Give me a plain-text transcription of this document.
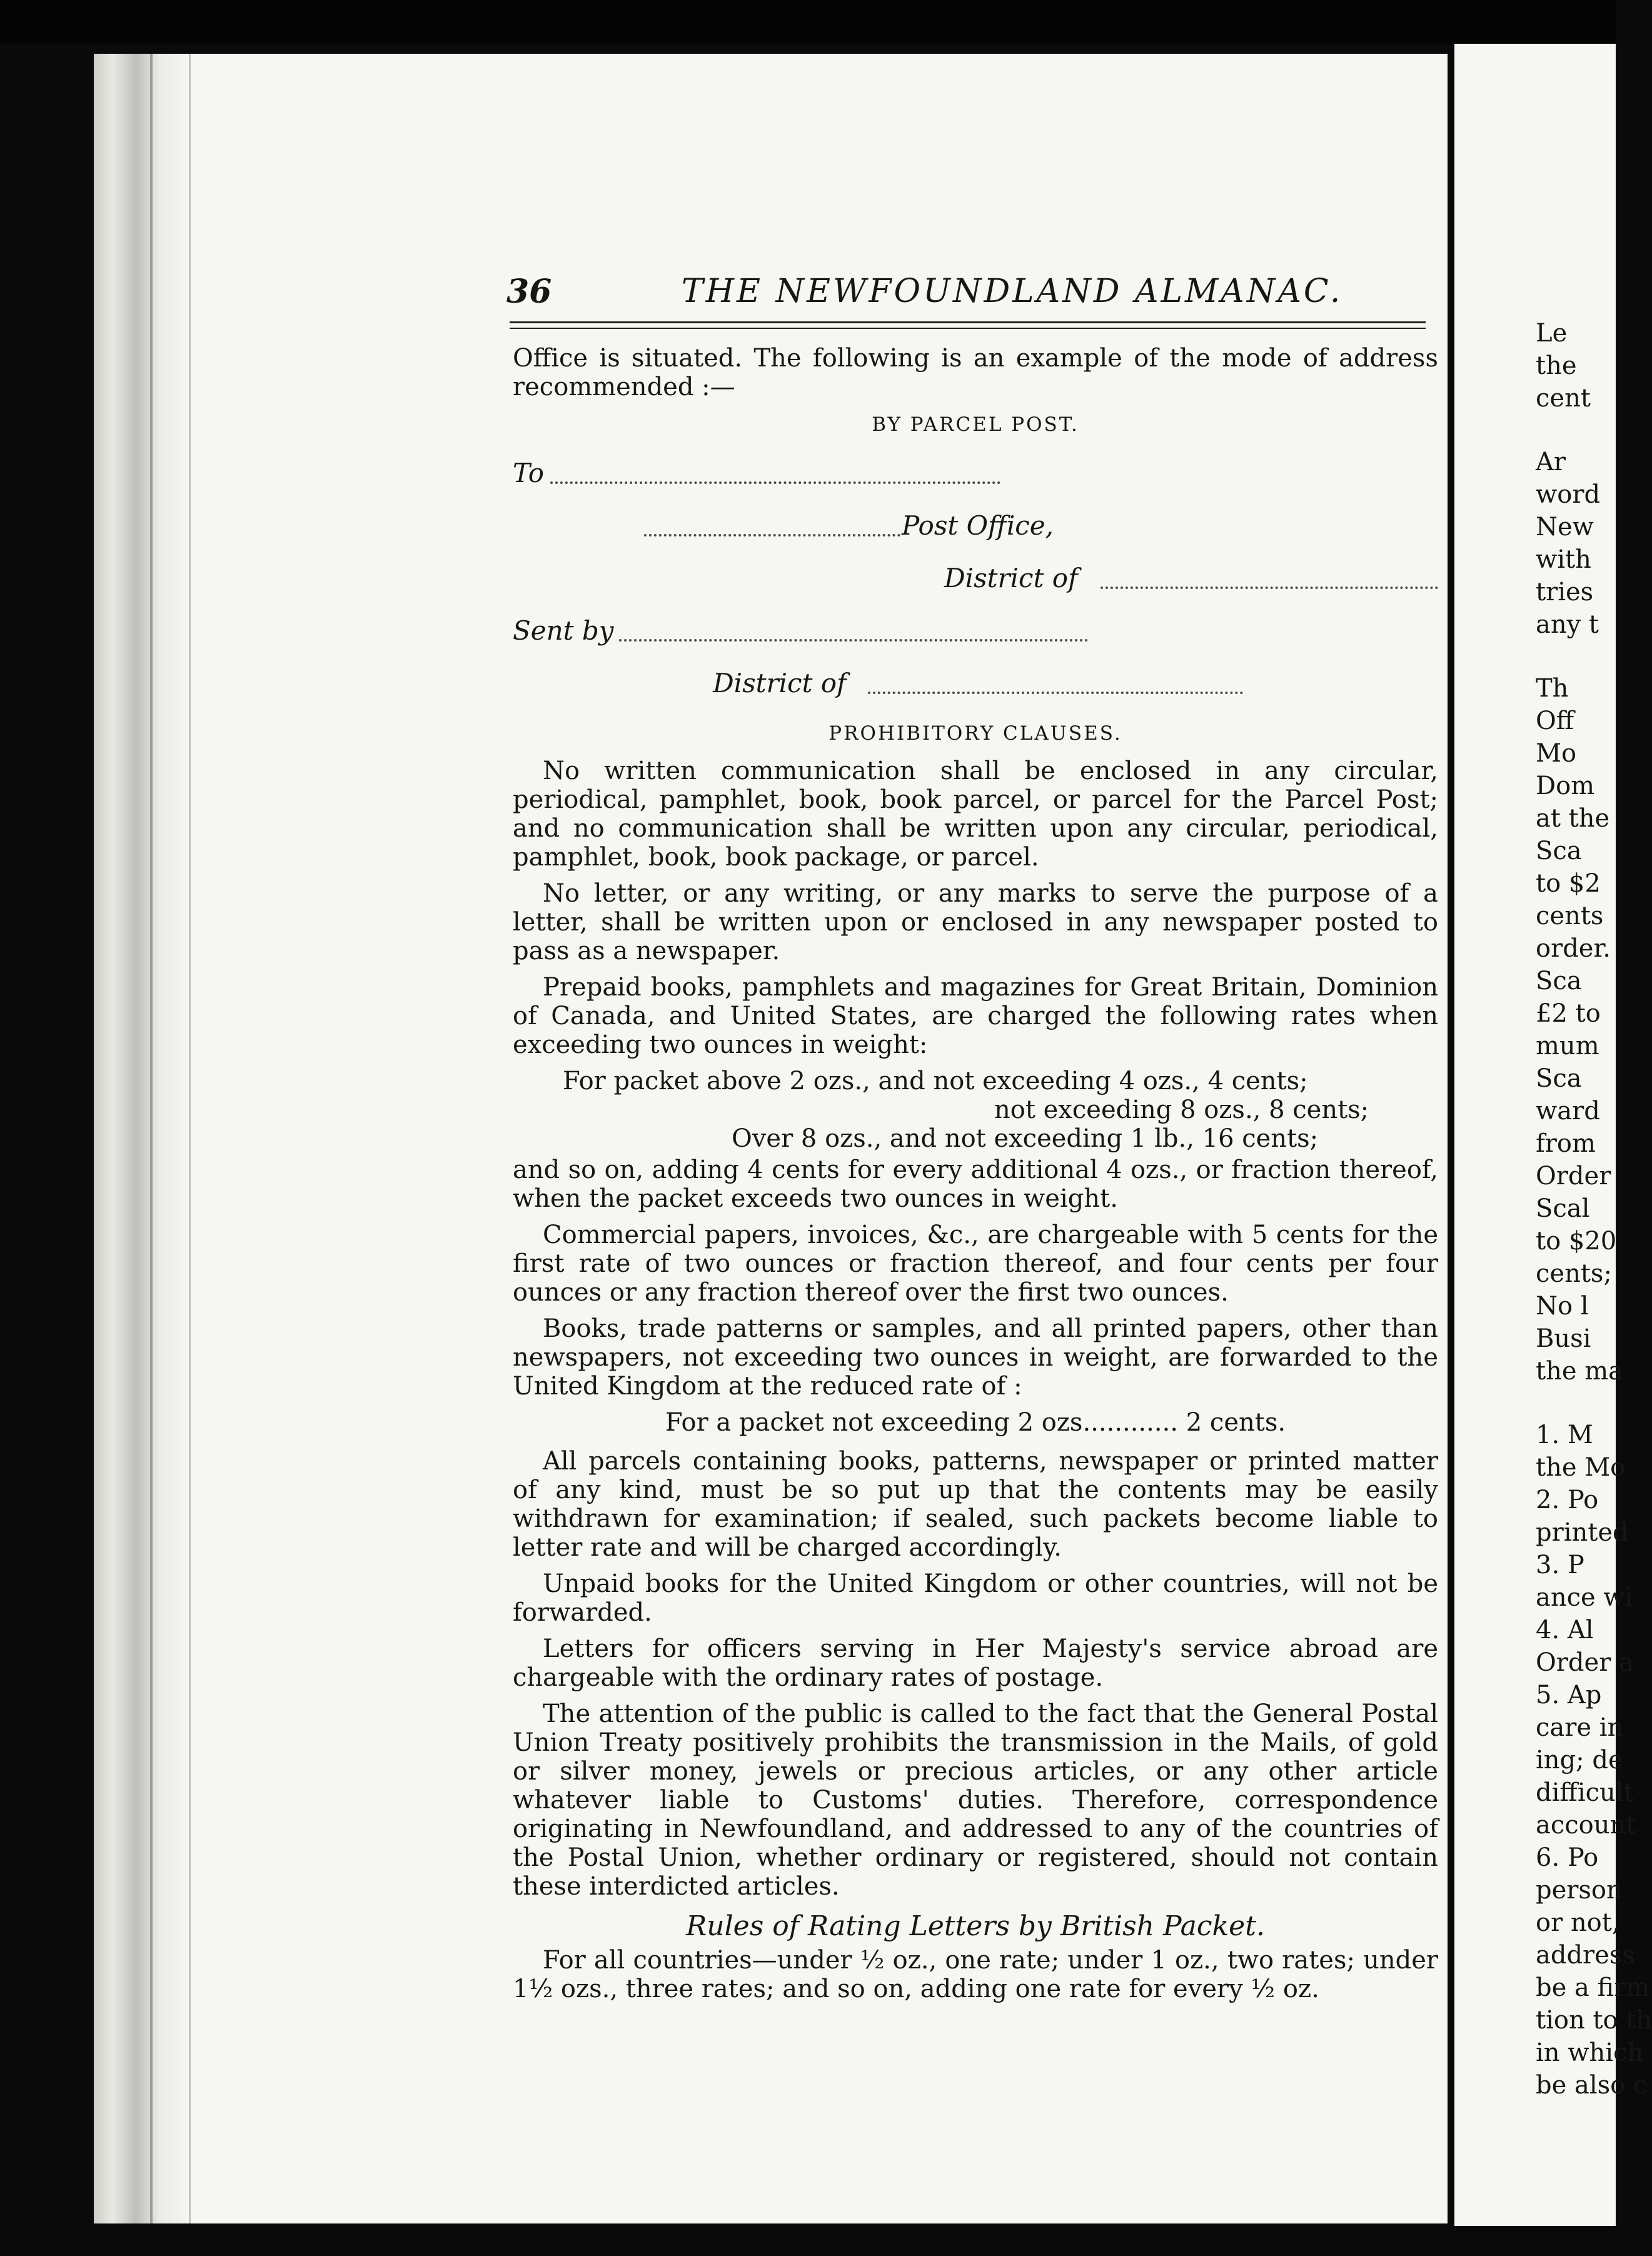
36	THE NEWFOUNDLAND ALMANAC.

Office is situated. The following is an example of the mode of address recommended :—

BY PARCEL POST.
To
Post Office,
District of
Sent by
District of
PROHIBITORY CLAUSES.

No written communication shall be enclosed in any circular, periodical, pamphlet, book, book parcel, or parcel for the Parcel Post; and no communication shall be written upon any circular, periodical, pamphlet, book, book package, or parcel.

No letter, or any writing, or any marks to serve the purpose of a letter, shall be written upon or enclosed in any newspaper posted to pass as a newspaper.

Prepaid books, pamphlets and magazines for Great Britain, Dominion of Canada, and United States, are charged the following rates when exceeding two ounces in weight:

For packet above 2 ozs., and not exceeding 4 ozs., 4 cents;
not exceeding 8 ozs., 8 cents;
Over 8 ozs., and not exceeding 1 lb., 16 cents;

and so on, adding 4 cents for every additional 4 ozs., or fraction thereof, when the packet exceeds two ounces in weight.

Commercial papers, invoices, &c., are chargeable with 5 cents for the first rate of two ounces or fraction thereof, and four cents per four ounces or any fraction thereof over the first two ounces.

Books, trade patterns or samples, and all printed papers, other than newspapers, not exceeding two ounces in weight, are forwarded to the United Kingdom at the reduced rate of :

For a packet not exceeding 2 ozs............ 2 cents.

All parcels containing books, patterns, newspaper or printed matter of any kind, must be so put up that the contents may be easily withdrawn for examination; if sealed, such packets become liable to letter rate and will be charged accordingly.

Unpaid books for the United Kingdom or other countries, will not be forwarded.

Letters for officers serving in Her Majesty's service abroad are chargeable with the ordinary rates of postage.

The attention of the public is called to the fact that the General Postal Union Treaty positively prohibits the transmission in the Mails, of gold or silver money, jewels or precious articles, or any other article whatever liable to Customs' duties. Therefore, correspondence originating in Newfoundland, and addressed to any of the countries of the Postal Union, whether ordinary or registered, should not contain these interdicted articles.

Rules of Rating Letters by British Packet.

For all countries—under ½ oz., one rate; under 1 oz., two rates; under 1½ ozs., three rates; and so on, adding one rate for every ½ oz.

Le
the
cent
Ar
word
New
with
tries
any t
Th
Off
Mo
Dom
at the
Sca
to $2
cents
order.
Sca
£2 to
mum
Sca
ward
from
Order
Scal
to $20
cents;
No l
Busi
the ma
1. M
the Mo
2. Po
printed
3. P
ance wi
4. Al
Order a
5. Ap
care in
ing; de
difficult
account
6. Po
person
or not,
address
be a firm
tion to th
in which
be also c
